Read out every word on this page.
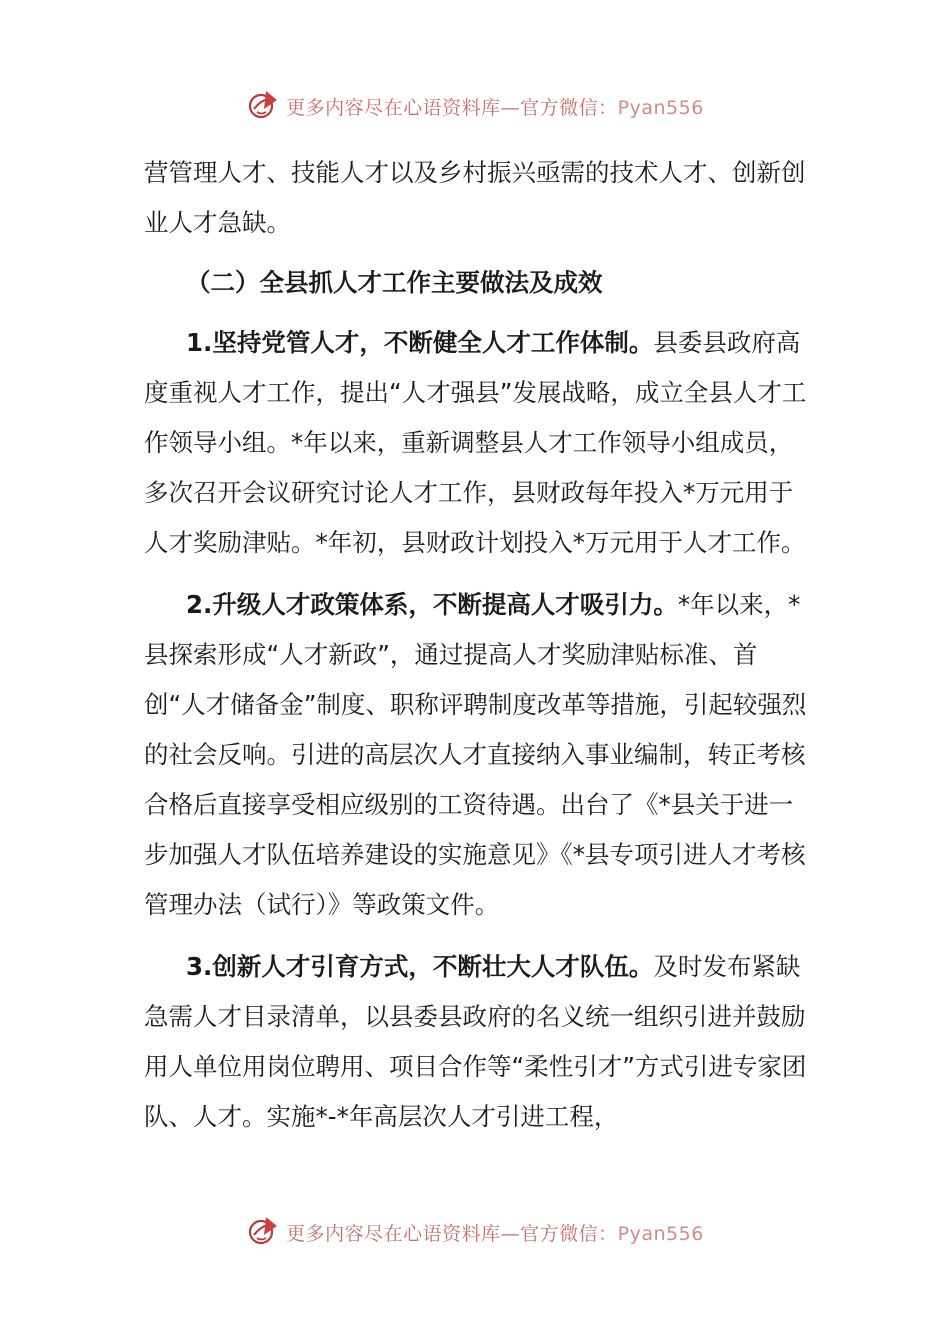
更多内容尽在心语资料库—官方微信：Pyan556

营管理人才、技能人才以及乡村振兴亟需的技术人才、创新创业人才急缺。

（二）全县抓人才工作主要做法及成效

1.坚持党管人才，不断健全人才工作体制。县委县政府高度重视人才工作，提出“人才强县”发展战略，成立全县人才工作领导小组。*年以来，重新调整县人才工作领导小组成员，多次召开会议研究讨论人才工作，县财政每年投入*万元用于人才奖励津贴。*年初，县财政计划投入*万元用于人才工作。

2.升级人才政策体系，不断提高人才吸引力。*年以来，*县探索形成“人才新政”，通过提高人才奖励津贴标准、首创“人才储备金”制度、职称评聘制度改革等措施，引起较强烈的社会反响。引进的高层次人才直接纳入事业编制，转正考核合格后直接享受相应级别的工资待遇。出台了《*县关于进一步加强人才队伍培养建设的实施意见》《*县专项引进人才考核管理办法（试行）》等政策文件。

3.创新人才引育方式，不断壮大人才队伍。及时发布紧缺急需人才目录清单，以县委县政府的名义统一组织引进并鼓励用人单位用岗位聘用、项目合作等“柔性引才”方式引进专家团队、人才。实施*-*年高层次人才引进工程，

更多内容尽在心语资料库—官方微信：Pyan556
